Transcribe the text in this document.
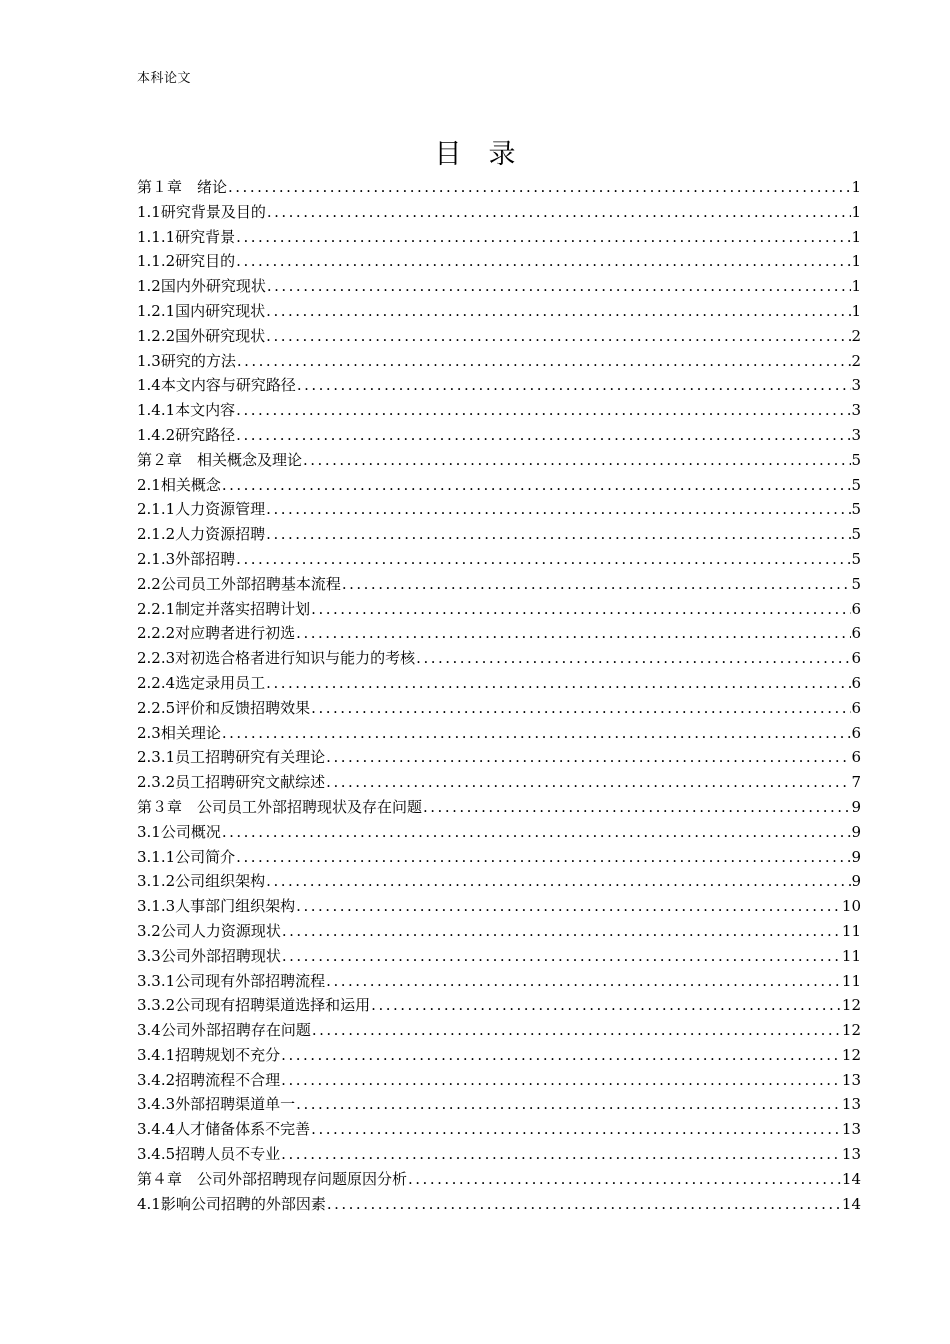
本科论文
目　录
第１章　绪论 .....	1
1.1研究背景及目的 .....	1
1.1.1研究背景 .....	1
1.1.2研究目的 .....	1
1.2国内外研究现状 .....	1
1.2.1国内研究现状 .....	1
1.2.2国外研究现状 .....	2
1.3研究的方法 .....	2
1.4本文内容与研究路径 .....	3
1.4.1本文内容 .....	3
1.4.2研究路径 .....	3
第２章　相关概念及理论 .....	5
2.1相关概念 .....	5
2.1.1人力资源管理 .....	5
2.1.2人力资源招聘 .....	5
2.1.3外部招聘 .....	5
2.2公司员工外部招聘基本流程 .....	5
2.2.1制定并落实招聘计划 .....	6
2.2.2对应聘者进行初选 .....	6
2.2.3对初选合格者进行知识与能力的考核 .....	6
2.2.4选定录用员工 .....	6
2.2.5评价和反馈招聘效果 .....	6
2.3相关理论 .....	6
2.3.1员工招聘研究有关理论 .....	6
2.3.2员工招聘研究文献综述 .....	7
第３章　公司员工外部招聘现状及存在问题 .....	9
3.1公司概况 .....	9
3.1.1公司简介 .....	9
3.1.2公司组织架构 .....	9
3.1.3人事部门组织架构 .....	10
3.2公司人力资源现状 .....	11
3.3公司外部招聘现状 .....	11
3.3.1公司现有外部招聘流程 .....	11
3.3.2公司现有招聘渠道选择和运用 .....	12
3.4公司外部招聘存在问题 .....	12
3.4.1招聘规划不充分 .....	12
3.4.2招聘流程不合理 .....	13
3.4.3外部招聘渠道单一 .....	13
3.4.4人才储备体系不完善 .....	13
3.4.5招聘人员不专业 .....	13
第４章　公司外部招聘现存问题原因分析 .....	14
4.1影响公司招聘的外部因素 .....	14
